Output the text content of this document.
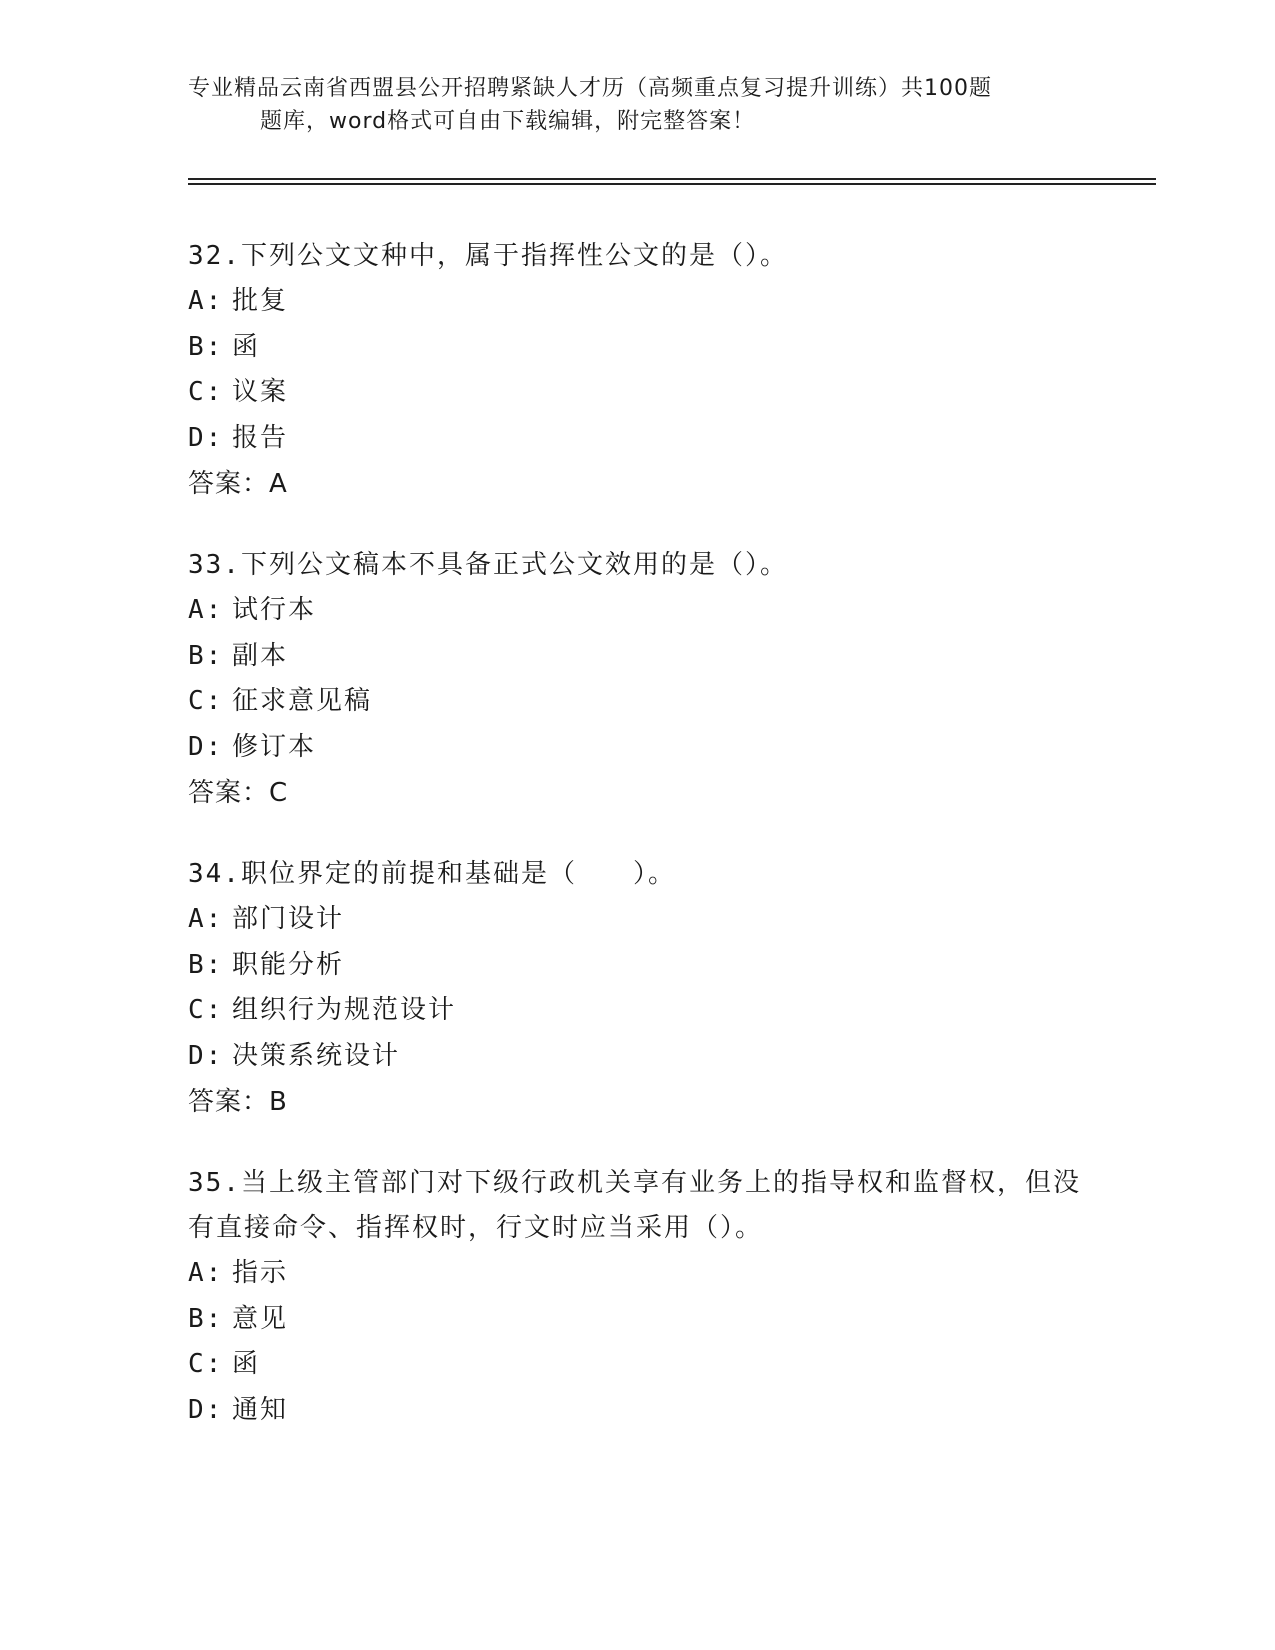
专业精品云南省西盟县公开招聘紧缺人才历（高频重点复习提升训练）共100题
题库，word格式可自由下载编辑，附完整答案！
32.下列公文文种中，属于指挥性公文的是（）。
A: 批复
B: 函
C: 议案
D: 报告
答案：A
33.下列公文稿本不具备正式公文效用的是（）。
A: 试行本
B: 副本
C: 征求意见稿
D: 修订本
答案：C
34.职位界定的前提和基础是（　　）。
A: 部门设计
B: 职能分析
C: 组织行为规范设计
D: 决策系统设计
答案：B
35.当上级主管部门对下级行政机关享有业务上的指导权和监督权，但没有直接命令、指挥权时，行文时应当采用（）。
A: 指示
B: 意见
C: 函
D: 通知
